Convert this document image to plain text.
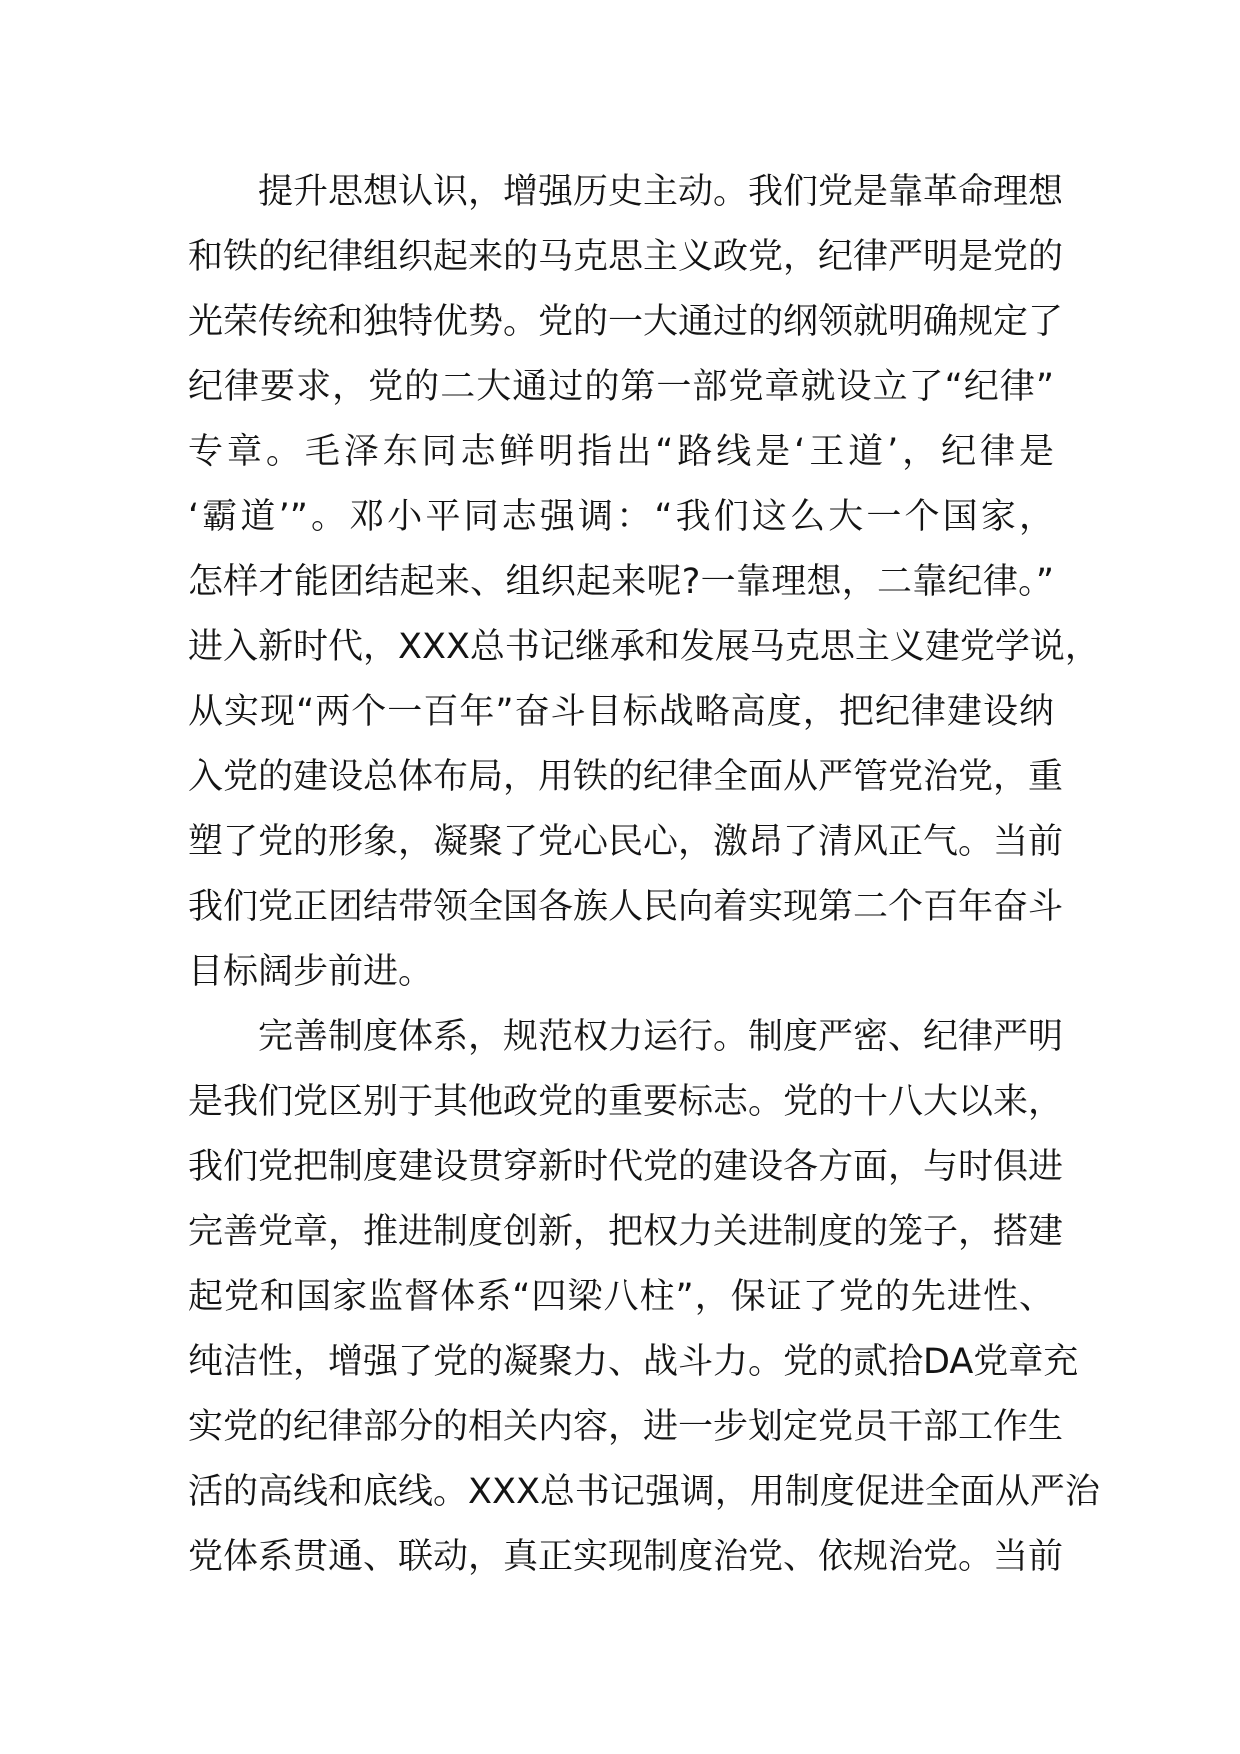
提升思想认识，增强历史主动。我们党是靠革命理想
和铁的纪律组织起来的马克思主义政党，纪律严明是党的
光荣传统和独特优势。党的一大通过的纲领就明确规定了
纪律要求，党的二大通过的第一部党章就设立了“纪律”
专章。毛泽东同志鲜明指出“路线是‘王道’，纪律是
‘霸道’”。邓小平同志强调：“我们这么大一个国家，
怎样才能团结起来、组织起来呢?一靠理想，二靠纪律。”
进入新时代，XXX总书记继承和发展马克思主义建党学说，
从实现“两个一百年”奋斗目标战略高度，把纪律建设纳
入党的建设总体布局，用铁的纪律全面从严管党治党，重
塑了党的形象，凝聚了党心民心，激昂了清风正气。当前
我们党正团结带领全国各族人民向着实现第二个百年奋斗
目标阔步前进。
完善制度体系，规范权力运行。制度严密、纪律严明
是我们党区别于其他政党的重要标志。党的十八大以来，
我们党把制度建设贯穿新时代党的建设各方面，与时俱进
完善党章，推进制度创新，把权力关进制度的笼子，搭建
起党和国家监督体系“四梁八柱”，保证了党的先进性、
纯洁性，增强了党的凝聚力、战斗力。党的贰拾DA党章充
实党的纪律部分的相关内容，进一步划定党员干部工作生
活的高线和底线。XXX总书记强调，用制度促进全面从严治
党体系贯通、联动，真正实现制度治党、依规治党。当前
